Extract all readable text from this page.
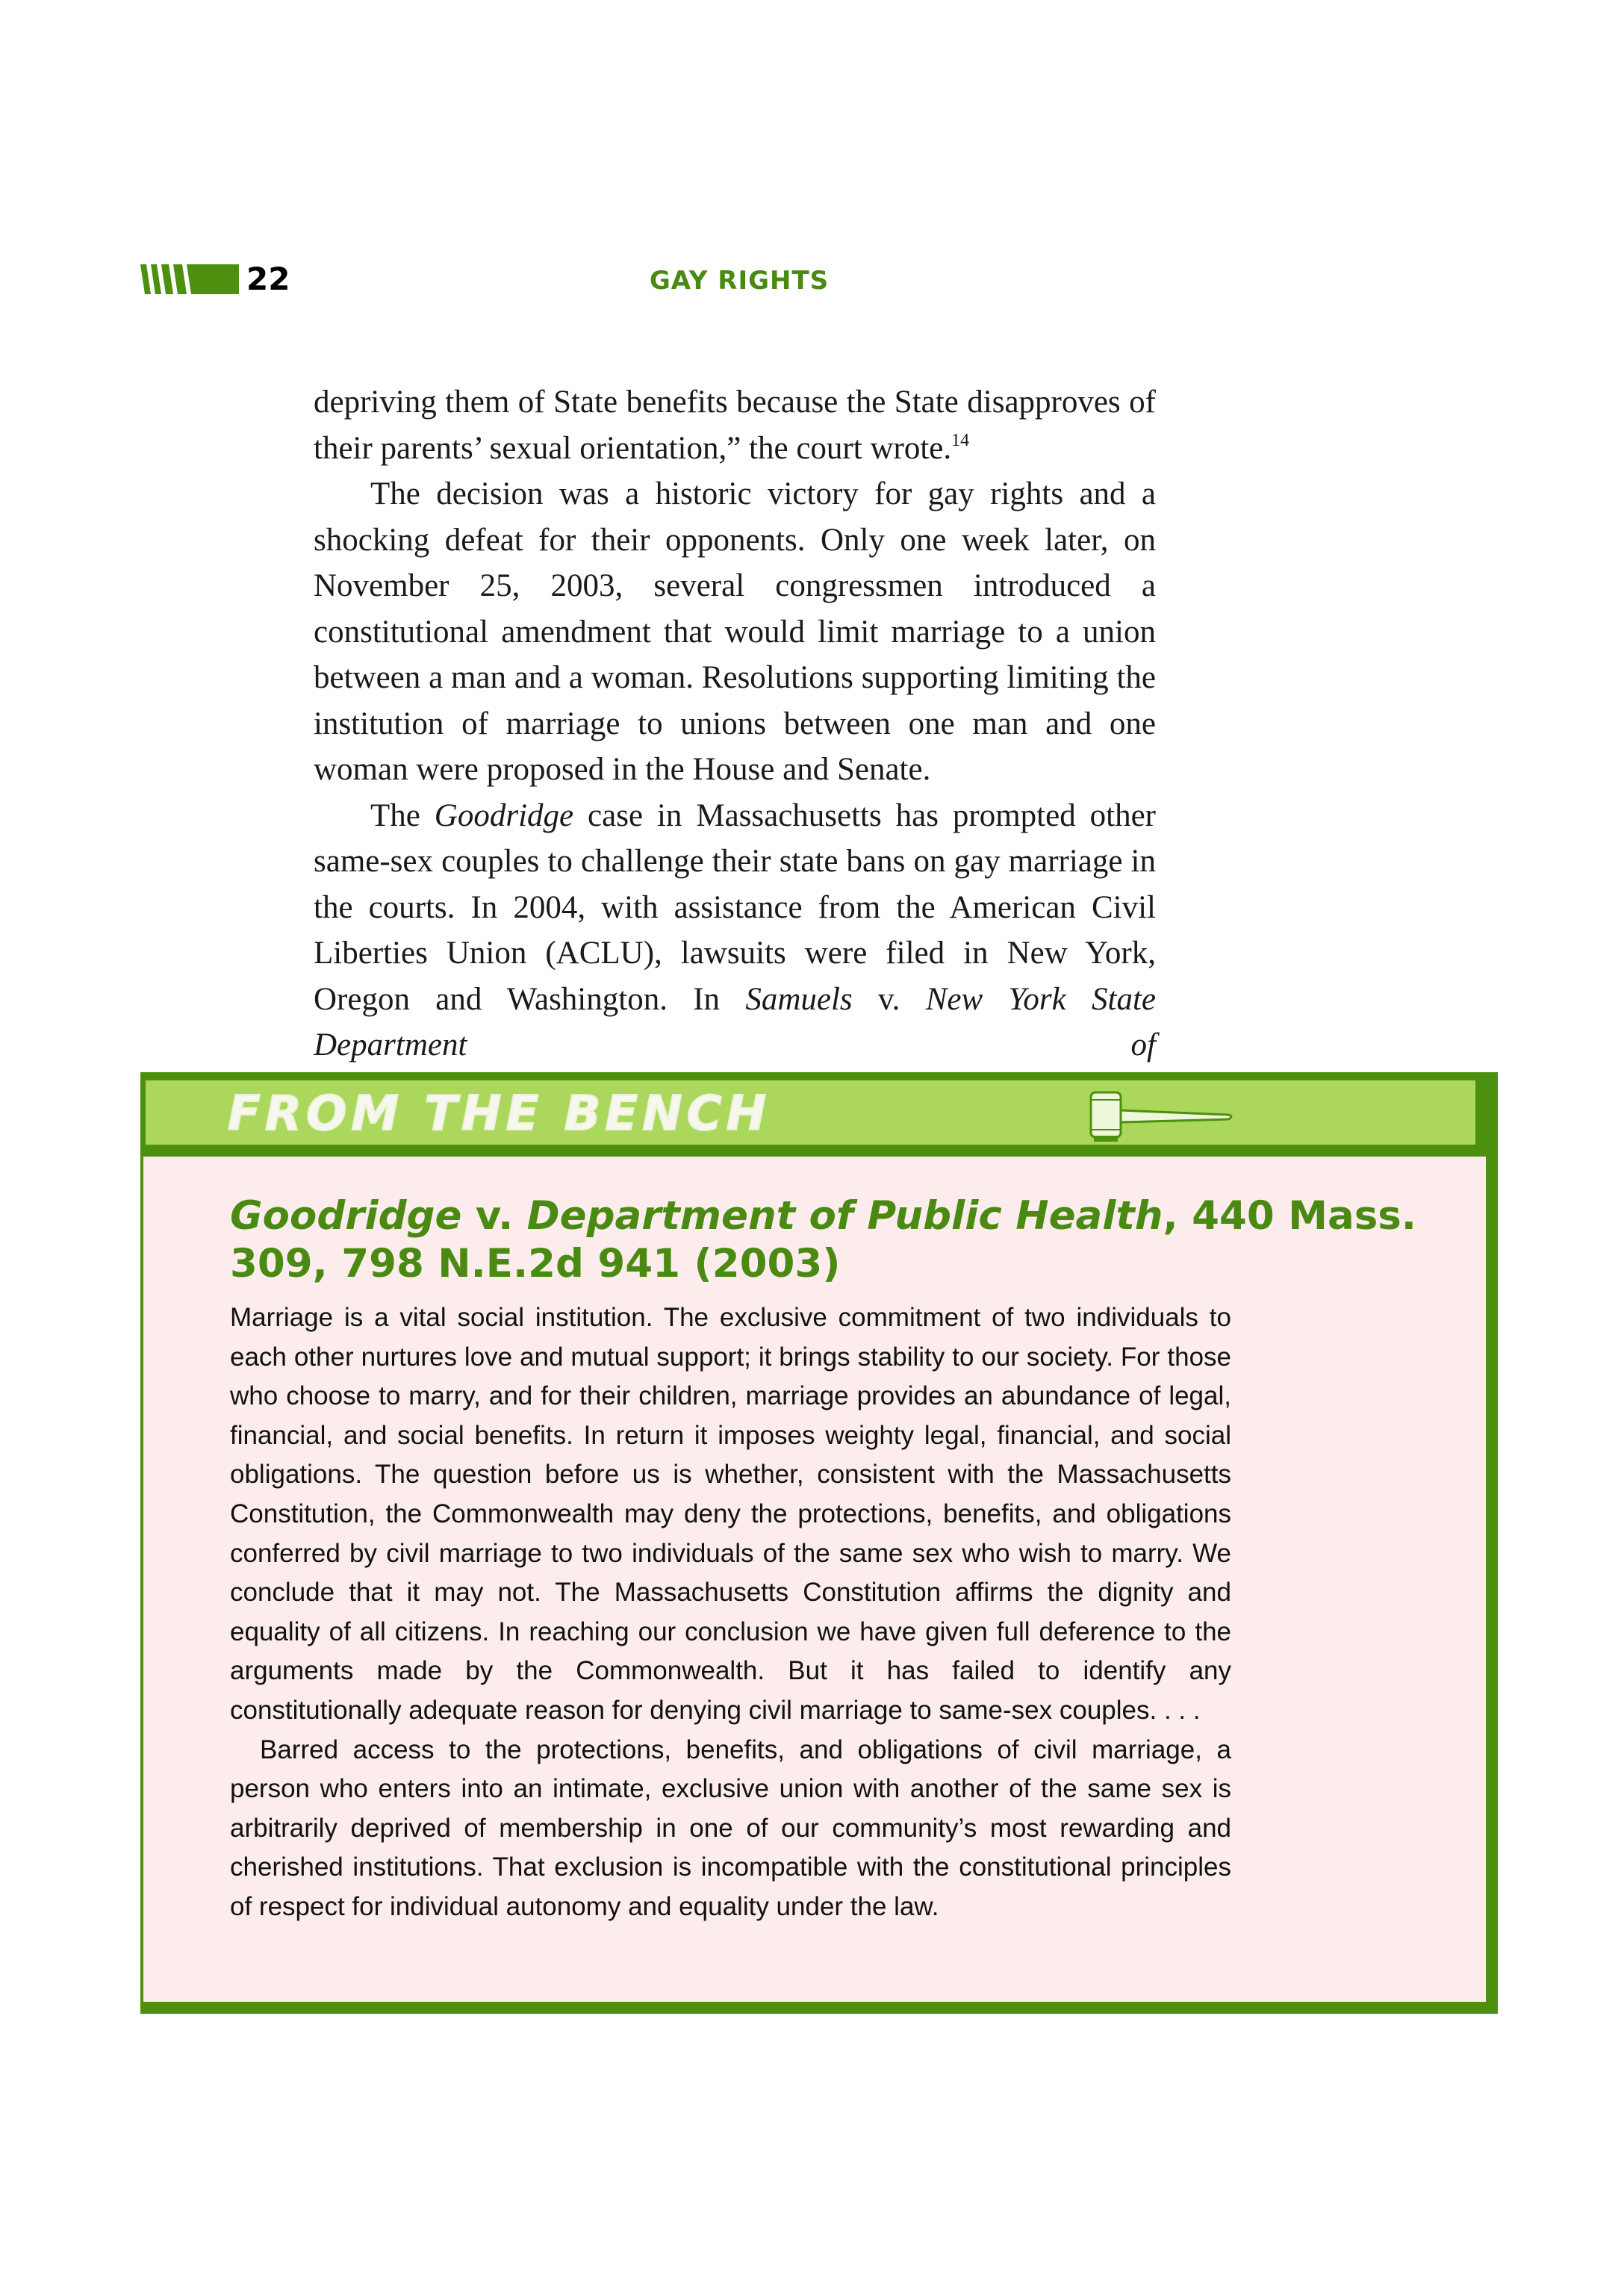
22	GAY RIGHTS

depriving them of State benefits because the State disapproves of their parents’ sexual orientation,” the court wrote.$^{14}$

The decision was a historic victory for gay rights and a shocking defeat for their opponents. Only one week later, on November 25, 2003, several congressmen introduced a constitutional amendment that would limit marriage to a union between a man and a woman. Resolutions supporting limiting the institution of marriage to unions between one man and one woman were proposed in the House and Senate.

The Goodridge case in Massachusetts has prompted other same-sex couples to challenge their state bans on gay marriage in the courts. In 2004, with assistance from the American Civil Liberties Union (ACLU), lawsuits were filed in New York, Oregon and Washington. In Samuels v. New York State Department of

FROM THE BENCH
Goodridge v. Department of Public Health, 440 Mass. 309, 798 N.E.2d 941 (2003)

Marriage is a vital social institution. The exclusive commitment of two individuals to each other nurtures love and mutual support; it brings stability to our society. For those who choose to marry, and for their children, marriage provides an abundance of legal, financial, and social benefits. In return it imposes weighty legal, financial, and social obligations. The question before us is whether, consistent with the Massachusetts Constitution, the Commonwealth may deny the protections, benefits, and obligations conferred by civil marriage to two individuals of the same sex who wish to marry. We conclude that it may not. The Massachusetts Constitution affirms the dignity and equality of all citizens. In reaching our conclusion we have given full deference to the arguments made by the Commonwealth. But it has failed to identify any constitutionally adequate reason for denying civil marriage to same-sex couples. . . .

Barred access to the protections, benefits, and obligations of civil marriage, a person who enters into an intimate, exclusive union with another of the same sex is arbitrarily deprived of membership in one of our community’s most rewarding and cherished institutions. That exclusion is incompatible with the constitutional principles of respect for individual autonomy and equality under the law.
